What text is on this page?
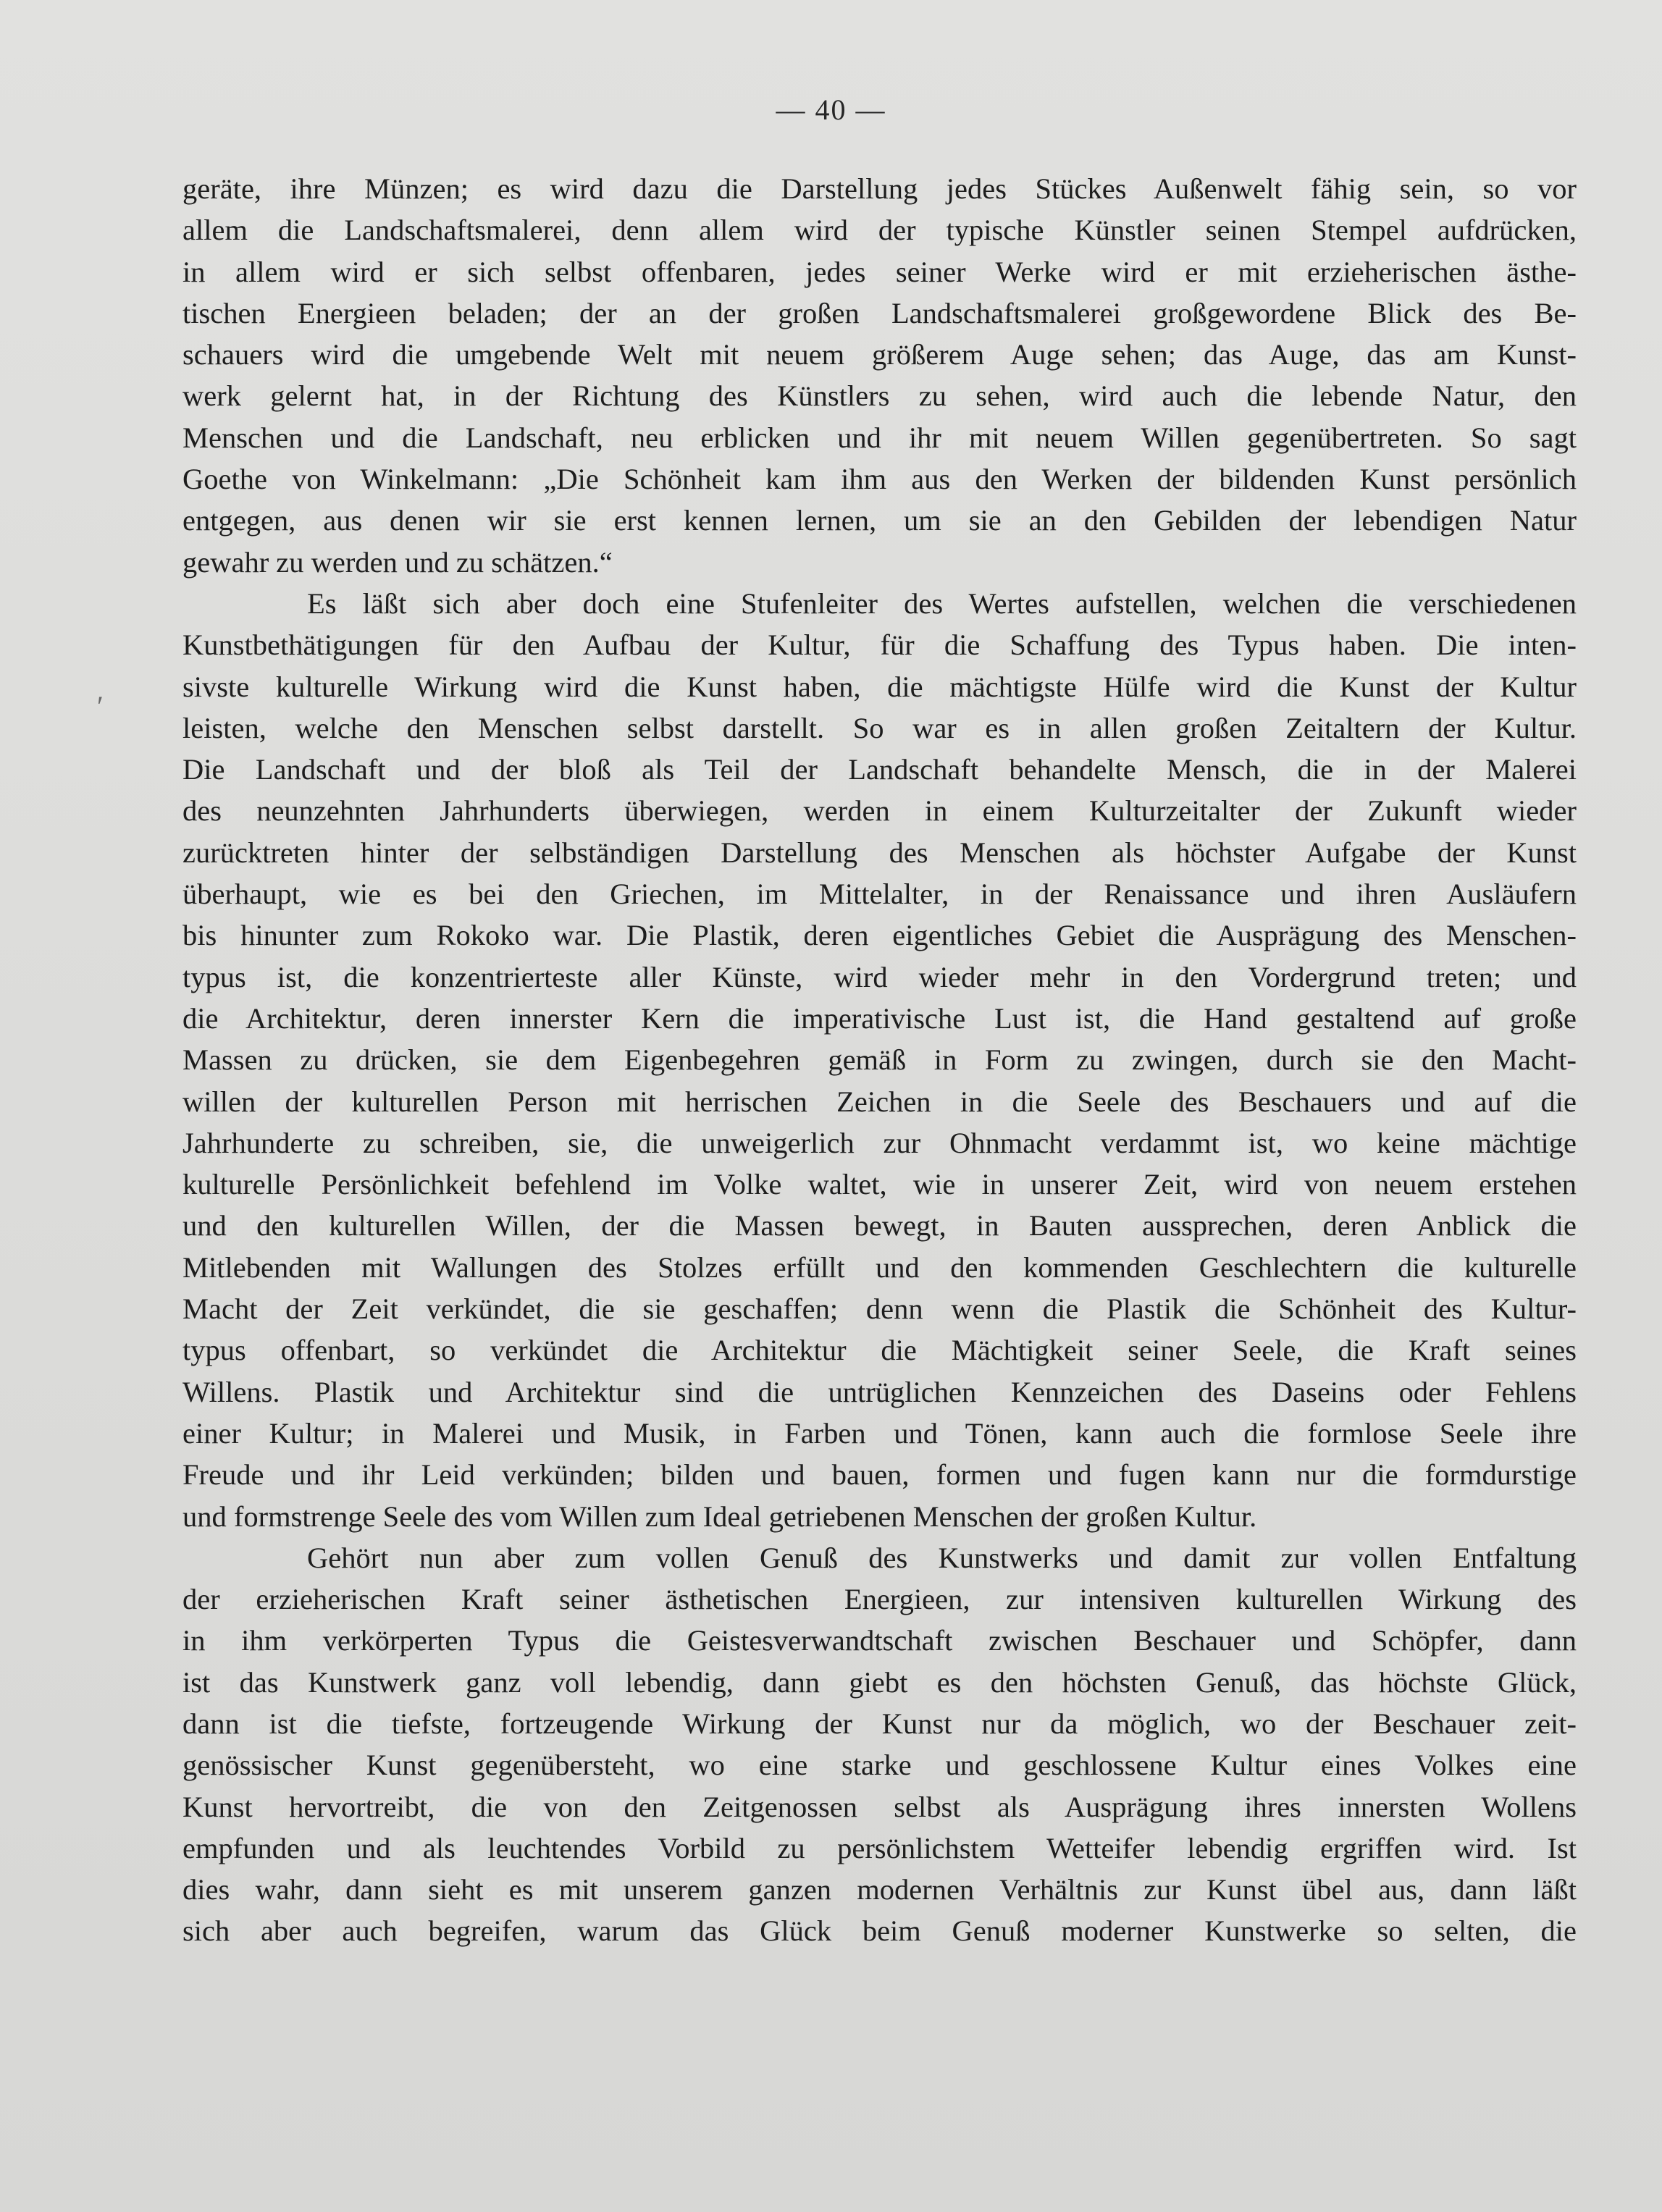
— 40 —
geräte, ihre Münzen; es wird dazu die Darstellung jedes Stückes Außenwelt fähig sein, so vor
allem die Landschaftsmalerei, denn allem wird der typische Künstler seinen Stempel aufdrücken,
in allem wird er sich selbst offenbaren, jedes seiner Werke wird er mit erzieherischen ästhe-
tischen Energieen beladen; der an der großen Landschaftsmalerei großgewordene Blick des Be-
schauers wird die umgebende Welt mit neuem größerem Auge sehen; das Auge, das am Kunst-
werk gelernt hat, in der Richtung des Künstlers zu sehen, wird auch die lebende Natur, den
Menschen und die Landschaft, neu erblicken und ihr mit neuem Willen gegenübertreten. So sagt
Goethe von Winkelmann: „Die Schönheit kam ihm aus den Werken der bildenden Kunst persönlich
entgegen, aus denen wir sie erst kennen lernen, um sie an den Gebilden der lebendigen Natur
gewahr zu werden und zu schätzen.“
Es läßt sich aber doch eine Stufenleiter des Wertes aufstellen, welchen die verschiedenen
Kunstbethätigungen für den Aufbau der Kultur, für die Schaffung des Typus haben. Die inten-
sivste kulturelle Wirkung wird die Kunst haben, die mächtigste Hülfe wird die Kunst der Kultur
leisten, welche den Menschen selbst darstellt. So war es in allen großen Zeitaltern der Kultur.
Die Landschaft und der bloß als Teil der Landschaft behandelte Mensch, die in der Malerei
des neunzehnten Jahrhunderts überwiegen, werden in einem Kulturzeitalter der Zukunft wieder
zurücktreten hinter der selbständigen Darstellung des Menschen als höchster Aufgabe der Kunst
überhaupt, wie es bei den Griechen, im Mittelalter, in der Renaissance und ihren Ausläufern
bis hinunter zum Rokoko war. Die Plastik, deren eigentliches Gebiet die Ausprägung des Menschen-
typus ist, die konzentrierteste aller Künste, wird wieder mehr in den Vordergrund treten; und
die Architektur, deren innerster Kern die imperativische Lust ist, die Hand gestaltend auf große
Massen zu drücken, sie dem Eigenbegehren gemäß in Form zu zwingen, durch sie den Macht-
willen der kulturellen Person mit herrischen Zeichen in die Seele des Beschauers und auf die
Jahrhunderte zu schreiben, sie, die unweigerlich zur Ohnmacht verdammt ist, wo keine mächtige
kulturelle Persönlichkeit befehlend im Volke waltet, wie in unserer Zeit, wird von neuem erstehen
und den kulturellen Willen, der die Massen bewegt, in Bauten aussprechen, deren Anblick die
Mitlebenden mit Wallungen des Stolzes erfüllt und den kommenden Geschlechtern die kulturelle
Macht der Zeit verkündet, die sie geschaffen; denn wenn die Plastik die Schönheit des Kultur-
typus offenbart, so verkündet die Architektur die Mächtigkeit seiner Seele, die Kraft seines
Willens. Plastik und Architektur sind die untrüglichen Kennzeichen des Daseins oder Fehlens
einer Kultur; in Malerei und Musik, in Farben und Tönen, kann auch die formlose Seele ihre
Freude und ihr Leid verkünden; bilden und bauen, formen und fugen kann nur die formdurstige
und formstrenge Seele des vom Willen zum Ideal getriebenen Menschen der großen Kultur.
Gehört nun aber zum vollen Genuß des Kunstwerks und damit zur vollen Entfaltung
der erzieherischen Kraft seiner ästhetischen Energieen, zur intensiven kulturellen Wirkung des
in ihm verkörperten Typus die Geistesverwandtschaft zwischen Beschauer und Schöpfer, dann
ist das Kunstwerk ganz voll lebendig, dann giebt es den höchsten Genuß, das höchste Glück,
dann ist die tiefste, fortzeugende Wirkung der Kunst nur da möglich, wo der Beschauer zeit-
genössischer Kunst gegenübersteht, wo eine starke und geschlossene Kultur eines Volkes eine
Kunst hervortreibt, die von den Zeitgenossen selbst als Ausprägung ihres innersten Wollens
empfunden und als leuchtendes Vorbild zu persönlichstem Wetteifer lebendig ergriffen wird. Ist
dies wahr, dann sieht es mit unserem ganzen modernen Verhältnis zur Kunst übel aus, dann läßt
sich aber auch begreifen, warum das Glück beim Genuß moderner Kunstwerke so selten, die
ʹ
